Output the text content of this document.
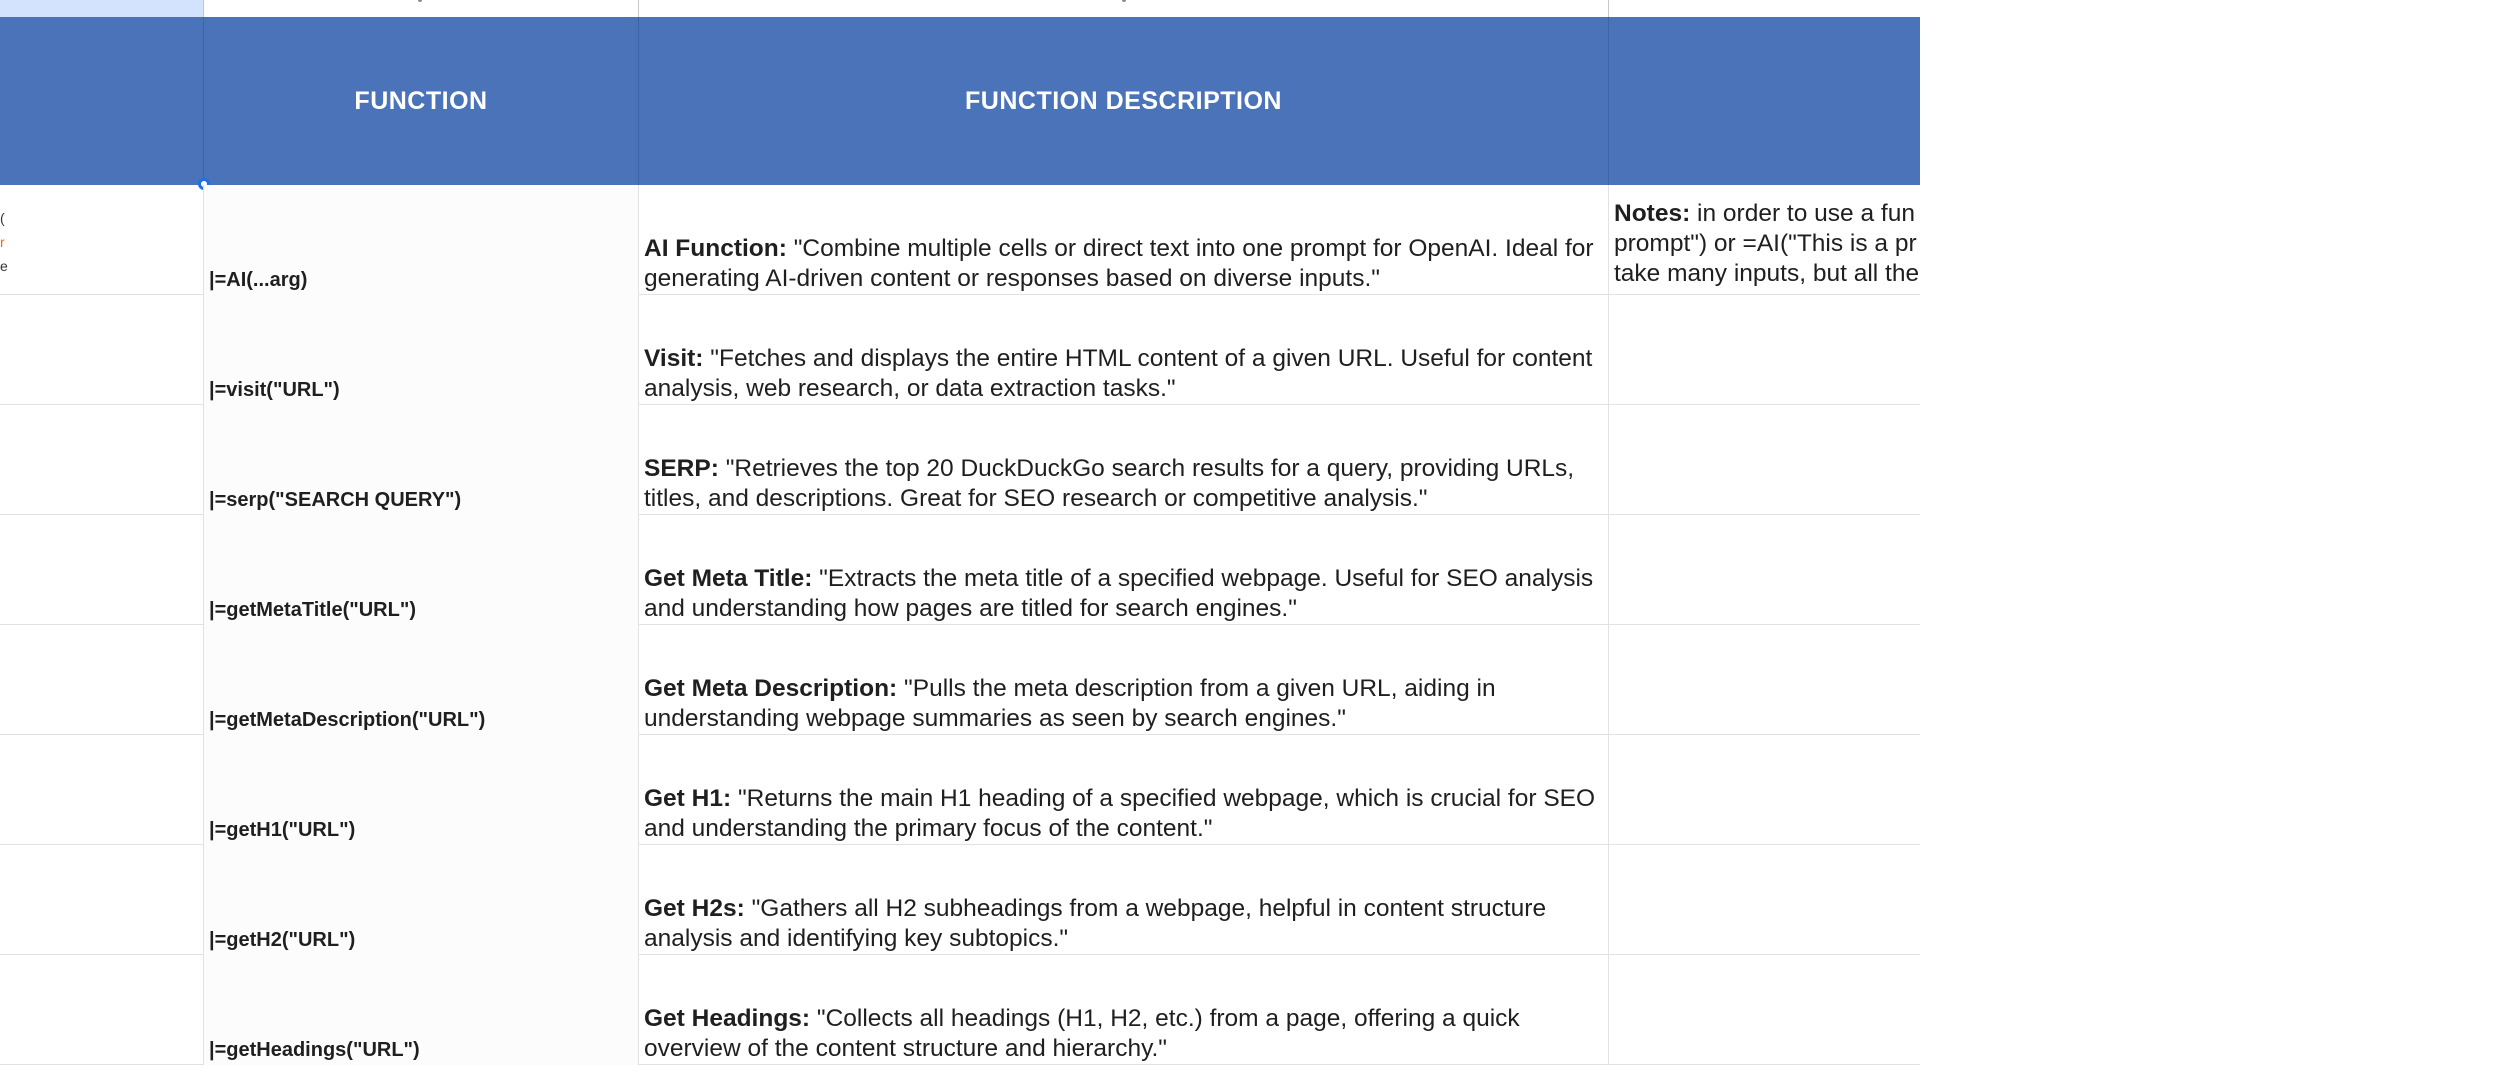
FUNCTION	FUNCTION DESCRIPTION
(
r
e
|=AI(...arg)
AI Function: "Combine multiple cells or direct text into one prompt for OpenAI. Ideal for generating AI-driven content or responses based on diverse inputs."
Notes: in order to use a fun
prompt") or =AI("This is a pr
take many inputs, but all the
|=visit("URL")
Visit: "Fetches and displays the entire HTML content of a given URL. Useful for content analysis, web research, or data extraction tasks."
|=serp("SEARCH QUERY")
SERP: "Retrieves the top 20 DuckDuckGo search results for a query, providing URLs, titles, and descriptions. Great for SEO research or competitive analysis."
|=getMetaTitle("URL")
Get Meta Title: "Extracts the meta title of a specified webpage. Useful for SEO analysis and understanding how pages are titled for search engines."
|=getMetaDescription("URL")
Get Meta Description: "Pulls the meta description from a given URL, aiding in understanding webpage summaries as seen by search engines."
|=getH1("URL")
Get H1: "Returns the main H1 heading of a specified webpage, which is crucial for SEO and understanding the primary focus of the content."
|=getH2("URL")
Get H2s: "Gathers all H2 subheadings from a webpage, helpful in content structure analysis and identifying key subtopics."
|=getHeadings("URL")
Get Headings: "Collects all headings (H1, H2, etc.) from a page, offering a quick overview of the content structure and hierarchy."
